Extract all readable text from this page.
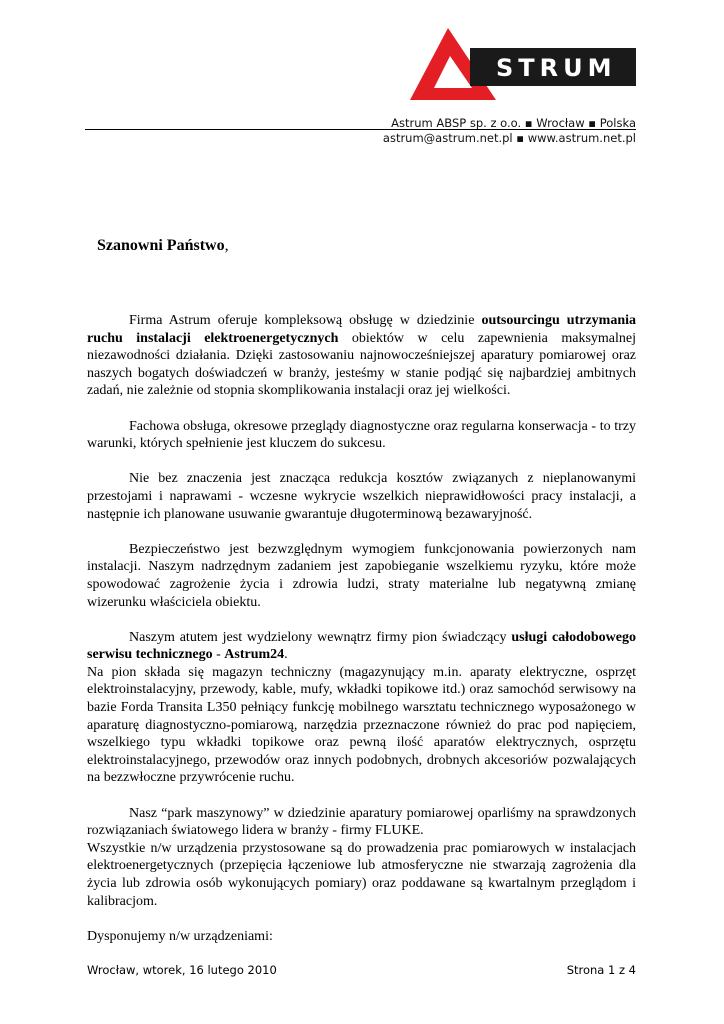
STRUM
Astrum ABSP sp. z o.o. ▪ Wrocław ▪ Polska
astrum@astrum.net.pl ▪ www.astrum.net.pl

Szanowni Państwo,

Firma Astrum oferuje kompleksową obsługę w dziedzinie outsourcingu utrzymania ruchu instalacji elektroenergetycznych obiektów w celu zapewnienia maksymalnej niezawodności działania. Dzięki zastosowaniu najnowocześniejszej aparatury pomiarowej oraz naszych bogatych doświadczeń w branży, jesteśmy w stanie podjąć się najbardziej ambitnych zadań, nie zależnie od stopnia skomplikowania instalacji oraz jej wielkości.

Fachowa obsługa, okresowe przeglądy diagnostyczne oraz regularna konserwacja - to trzy warunki, których spełnienie jest kluczem do sukcesu.

Nie bez znaczenia jest znacząca redukcja kosztów związanych z nieplanowanymi przestojami i naprawami - wczesne wykrycie wszelkich nieprawidłowości pracy instalacji, a następnie ich planowane usuwanie gwarantuje długoterminową bezawaryjność.

Bezpieczeństwo jest bezwzględnym wymogiem funkcjonowania powierzonych nam instalacji. Naszym nadrzędnym zadaniem jest zapobieganie wszelkiemu ryzyku, które może spowodować zagrożenie życia i zdrowia ludzi, straty materialne lub negatywną zmianę wizerunku właściciela obiektu.

Naszym atutem jest wydzielony wewnątrz firmy pion świadczący usługi całodobowego serwisu technicznego - Astrum24.

Na pion składa się magazyn techniczny (magazynujący m.in. aparaty elektryczne, osprzęt elektroinstalacyjny, przewody, kable, mufy, wkładki topikowe itd.) oraz samochód serwisowy na bazie Forda Transita L350 pełniący funkcję mobilnego warsztatu technicznego wyposażonego w aparaturę diagnostyczno-pomiarową, narzędzia przeznaczone również do prac pod napięciem, wszelkiego typu wkładki topikowe oraz pewną ilość aparatów elektrycznych, osprzętu elektroinstalacyjnego, przewodów oraz innych podobnych, drobnych akcesoriów pozwalających na bezzwłoczne przywrócenie ruchu.

Nasz “park maszynowy” w dziedzinie aparatury pomiarowej oparliśmy na sprawdzonych rozwiązaniach światowego lidera w branży - firmy FLUKE.

Wszystkie n/w urządzenia przystosowane są do prowadzenia prac pomiarowych w instalacjach elektroenergetycznych (przepięcia łączeniowe lub atmosferyczne nie stwarzają zagrożenia dla życia lub zdrowia osób wykonujących pomiary) oraz poddawane są kwartalnym przeglądom i kalibracjom.

Dysponujemy n/w urządzeniami:

Wrocław, wtorek, 16 lutego 2010	Strona 1 z 4
